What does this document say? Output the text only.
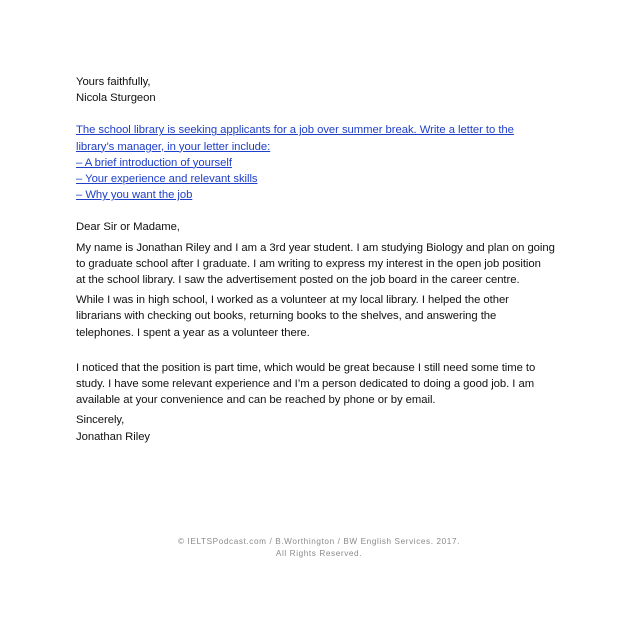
Yours faithfully,
Nicola Sturgeon
The school library is seeking applicants for a job over summer break. Write a letter to the
library’s manager, in your letter include:
– A brief introduction of yourself
– Your experience and relevant skills
– Why you want the job
Dear Sir or Madame,
My name is Jonathan Riley and I am a 3rd year student. I am studying Biology and plan on going
to graduate school after I graduate. I am writing to express my interest in the open job position
at the school library. I saw the advertisement posted on the job board in the career centre.
While I was in high school, I worked as a volunteer at my local library. I helped the other
librarians with checking out books, returning books to the shelves, and answering the
telephones. I spent a year as a volunteer there.
I noticed that the position is part time, which would be great because I still need some time to
study. I have some relevant experience and I’m a person dedicated to doing a good job. I am
available at your convenience and can be reached by phone or by email.
Sincerely,
Jonathan Riley
© IELTSPodcast.com / B.Worthington / BW English Services. 2017.
All Rights Reserved.
